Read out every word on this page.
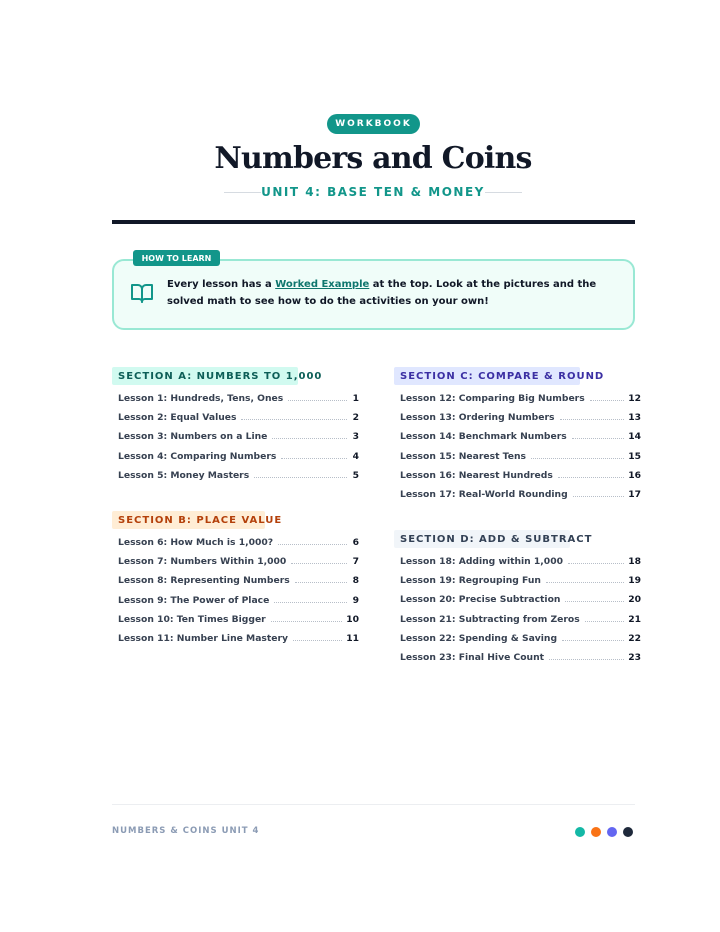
WORKBOOK
Numbers and Coins
UNIT 4: BASE TEN & MONEY
HOW TO LEARN

Every lesson has a Worked Example at the top. Look at the pictures and the solved math to see how to do the activities on your own!

SECTION A: NUMBERS TO 1,000
Lesson 1: Hundreds, Tens, Ones	1
Lesson 2: Equal Values	2
Lesson 3: Numbers on a Line	3
Lesson 4: Comparing Numbers	4
Lesson 5: Money Masters	5
SECTION B: PLACE VALUE
Lesson 6: How Much is 1,000?	6
Lesson 7: Numbers Within 1,000	7
Lesson 8: Representing Numbers	8
Lesson 9: The Power of Place	9
Lesson 10: Ten Times Bigger	10
Lesson 11: Number Line Mastery	11
SECTION C: COMPARE & ROUND
Lesson 12: Comparing Big Numbers	12
Lesson 13: Ordering Numbers	13
Lesson 14: Benchmark Numbers	14
Lesson 15: Nearest Tens	15
Lesson 16: Nearest Hundreds	16
Lesson 17: Real-World Rounding	17
SECTION D: ADD & SUBTRACT
Lesson 18: Adding within 1,000	18
Lesson 19: Regrouping Fun	19
Lesson 20: Precise Subtraction	20
Lesson 21: Subtracting from Zeros	21
Lesson 22: Spending & Saving	22
Lesson 23: Final Hive Count	23
NUMBERS & COINS UNIT 4
